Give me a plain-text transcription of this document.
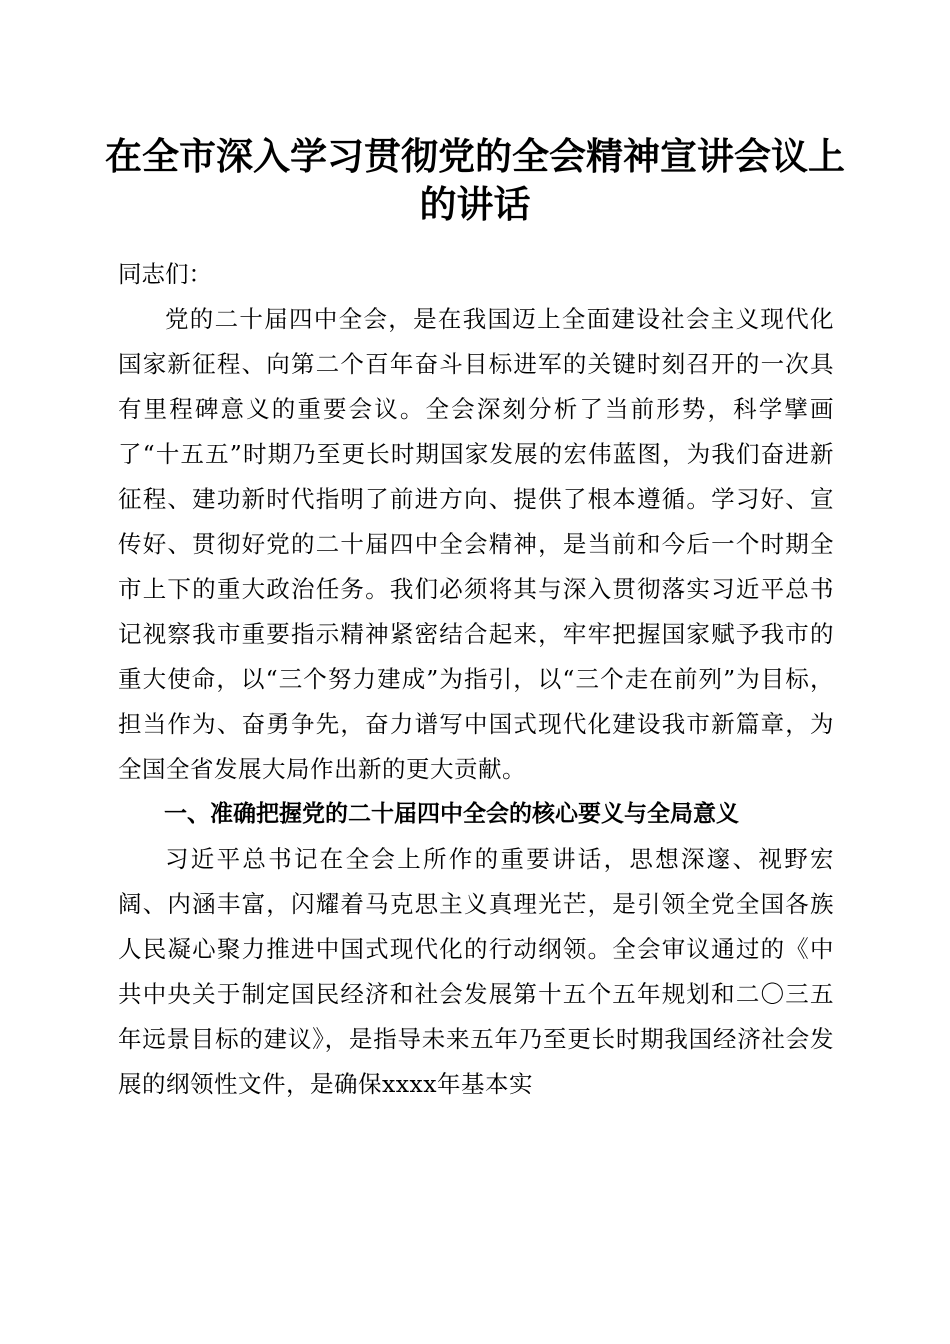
在全市深入学习贯彻党的全会精神宣讲会议上的讲话

同志们：

党的二十届四中全会，是在我国迈上全面建设社会主义现代化国家新征程、向第二个百年奋斗目标进军的关键时刻召开的一次具有里程碑意义的重要会议。全会深刻分析了当前形势，科学擘画了“十五五”时期乃至更长时期国家发展的宏伟蓝图，为我们奋进新征程、建功新时代指明了前进方向、提供了根本遵循。学习好、宣传好、贯彻好党的二十届四中全会精神，是当前和今后一个时期全市上下的重大政治任务。我们必须将其与深入贯彻落实习近平总书记视察我市重要指示精神紧密结合起来，牢牢把握国家赋予我市的重大使命，以“三个努力建成”为指引，以“三个走在前列”为目标，担当作为、奋勇争先，奋力谱写中国式现代化建设我市新篇章，为全国全省发展大局作出新的更大贡献。

一、准确把握党的二十届四中全会的核心要义与全局意义

习近平总书记在全会上所作的重要讲话，思想深邃、视野宏阔、内涵丰富，闪耀着马克思主义真理光芒，是引领全党全国各族人民凝心聚力推进中国式现代化的行动纲领。全会审议通过的《中共中央关于制定国民经济和社会发展第十五个五年规划和二〇三五年远景目标的建议》，是指导未来五年乃至更长时期我国经济社会发展的纲领性文件，是确保xxxx年基本实
